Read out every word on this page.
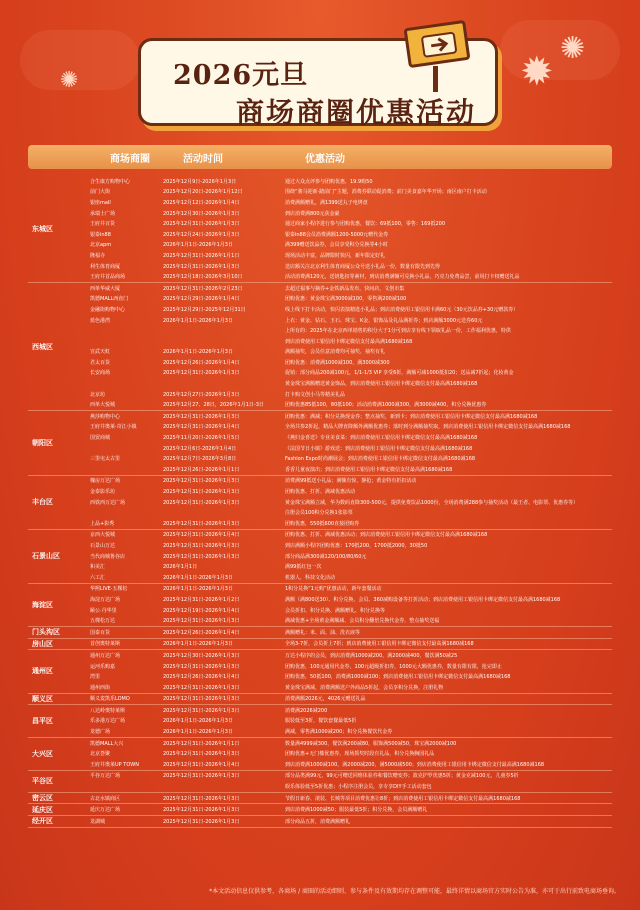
✺
✹
✺	2026元旦
商场商圈优惠活动
商场商圈	活动时间	优惠活动
东城区
合生康方购物中心	2025年12月9日-2026年1月3日	通过大众点评参与团购优惠，19.9购50
前门大街	2025年12月20日-2026年1月12日	围绕“骏马迎新·踏前门”主题，消费券联动促消费；前门美食嘉年华开场；南区南户打卡活动
银座mall	2025年12月12日-2026年1月4日	消费满额赠礼，满1399送丸子电烤盘
承瑞士广场	2025年12月30日-2026年1月3日	到店消费满800元获金豪
王府井百货	2025年12月31日-2026年1月3日	通过商家小程序进行参与团购优惠，餐饮：69抵100，零售：169抵200
银泰in88	2025年12月24日-2026年1月3日	银泰in88会员消费满额1200-5000元赠代金券
北京apm	2026年1月1日-2026年1月3日	满399赠送饮品券，会员享受积分兑换等4小时
隆福寺	2025年12月31日-2026年1月1日	现场活动丰富，品牌限时快闪，新年限定好礼
利生体育商厦	2025年12月31日-2026年1月3日	送店额关注北京利生体育商厦公众号送小礼品一份，数量有限先到先得
王府井首品商场	2025年12月18日-2026年3月10日	活动消费满120元，送钥匙扣等素材，到店消费满额可兑换小礼品，巧克力免费品尝，前用打卡权赠送礼品
西城区
西单华威大厦	2025年12月31日-2026年2月23日	去超过福事与摘券+金铁新品发布，快问店，文创市集
凯德MALL西直门	2025年12月29日-2026年1月4日	团购优惠：黄金珠宝满3000减100，零售满200减100
金融街购物中心	2025年12月29日-2025年12月31日	线上线下打卡活动，快闪表演精选小礼品；到店消费使用工银信用卡满60元（30元饮品券+30元赠款券）
蓝色港湾	2026年1月1日-2026年1月3日	上衣：黄金、钻石、玉石、珠宝、K金、银饰品及礼品满折券；到店满额3000元送券60元
上所有的：2025年在北京西单销售的积分大于1分可到店享有线下领取礼品一份，工作福利优惠，特供
到店消费使用工银信用卡绑定微信支付最高满1680减168
宣武天虹	2026年1月1日-2026年1月3日	满额抽奖，会员任意消费均可抽奖，抽奖有礼
君太百货	2025年12月26日-2026年1月4日	团购优惠：消费满1000减100，满3000减300
长安商场	2025年12月31日-2026年1月3日	促销：部分商品200减100元，1/1-1/3 VIP 享受6折，满额可减1000抵扣20；送品减7折起；化妆黄金
黄金珠宝满额赠送黄金饰品，到店消费使用工银信用卡绑定微信支付最高满1680减168
北京坊	2025年12月27日-2026年1月3日	打卡购文创小马等精美礼品
西单大悦城	2025年12月27、28日，2026年1月1日-3日	团购优惠85抵100，80抵100；活动消费满1000减300，满3000减400，积分兑换优惠券
朝阳区
燕莎购物中心	2025年12月31日-2026年1月3日	团购优惠：满减；积分兑换现金券；整点抽奖，新到卡；到店消费使用工银信用卡绑定微信支付最高满1680减168
王府井奥莱·奇江小镇	2025年12月31日-2026年1月4日	全场共参2折起，精品大牌直降额外满额优惠券；落时到分满额抽奖取，到店消费使用工银信用卡绑定微信支付最高满1680减168
国贸商城	2025年11月20日-2026年1月5日	《燕归金喜送》专业美食菜：到店消费使用工银信用卡绑定微信支付最高满1680减168
2025年12月6日-2026年1月4日	《法国节日小镇》游戏送：到店消费使用工银信用卡绑定微信支付最高满1680减168
三里屯太古里	2025年12月7日-2026年3月8日	Fashion Expo时尚潮展会；到店消费使用工银信用卡绑定微信支付最高满1680减168
2025年12月26日-2026年1月1日	香香儿童夜演出；到店消费使用工银信用卡绑定微信支付最高满1680减168
丰台区
槐房万达广场	2025年12月31日-2026年1月3日	消费满99抵送小礼品；满额有惊，静抢；黄金特有折扣活动
金泰影乐坊	2025年12月31日-2026年1月3日	团购优惠、打折、满减优惠活动
西铁西万达广场	2025年12月31日-2026年1月3日	黄金珠宝满额立减，华为数码直降300-500元，提供免费饮品1000份，全场消费满288参与抽奖活动（最王者、电影票、优惠券等）
注册会员100积分兑换1张影票
上品+影秀	2025年12月31日-2026年1月3日	团购优惠，550抵600直接团购券
石景山区
京西大悦城	2025年12月31日-2026年1月4日	团购优惠、打折、满减优惠活动；到店消费使用工银信用卡绑定微信支付最高满1680减168
石景山万达	2025年12月31日-2026年1月3日	到店满额小程序团购优惠：170抵200，1700抵2000，30抵50
当代商城鲁谷店	2025年12月31日-2026年1月3日	部分商品满300减120/100/80/60元
和美汇	2026年1月1日	满99抵红包一次
六工汇	2026年1月1日-2026年1月3日	机器人，科技文化活动
海淀区
华熙LIVE·五棵松	2026年1月1日-2026年1月3日	1积分兑换“1元购”优惠活动，新年套餐活动
海淀万达广场	2025年12月31日-2026年1月2日	满额（满800送30）、积分兑换、会员、360减购设备等打折活动；到店消费使用工银信用卡绑定微信支付最高满1680减168
颐公·丹华里	2025年12月19日-2026年1月4日	会员折扣、积分兑换、满额赠礼、积分兑换等
五棵松万达	2025年12月31日-2026年1月3日	满减优惠+全场黄金满额减、会员积分翻倍兑换代金券，整点抽奖送福
门头沟区	国泰百货	2025年12月26日-2026年1月4日	满额赠礼：米、面、油、洗衣液等
房山区	首创奥特莱斯	2026年1月1日-2026年1月3日	全场3-7折，会员折上7折；到店消费使用工银信用卡绑定微信支付最高满1680减168
通州区
通州万达广场	2025年12月30日-2026年1月3日	万达小程序的会员，到店消费满1000减200，满2000减400，餐饮满50减25
运河乐购嘉	2025年12月31日-2026年1月3日	团购优惠，100元通用代金券，100元超级折扣券，1000元大额优惠券，数量有限有限，抢完即止
湾里	2025年12月26日-2026年1月4日	团购优惠，50抵100，消费满1000减100；到店消费使用工银信用卡绑定微信支付最高满1680减168
通州西街	2025年12月31日-2026年1月3日	黄金珠宝满减，消费满额送户外商品5折起，会员享积分兑换，注册礼物
顺义区	顺义麦凯乐LOMO	2025年12月31日-2026年1月3日	消费满额2026元，4026元赠送礼品
昌平区
八达岭奥特莱斯	2025年12月31日-2026年1月3日	消费满2026减200
乐多港万达广场	2026年1月1日-2026年1月3日	服装低至3折，餐饮套餐最低5折
龙德广场	2026年1月1日-2026年1月3日	满减，零售满1000减200；积分兑换餐饮代金券
大兴区
凯德MALL大兴	2025年12月31日-2026年1月1日	数量满4999减300，餐饮满200减80，服饰满500减50，珠宝满2000减100
北京荟聚	2025年12月31日-2026年1月3日	团购优惠+无门槛优惠券，现场抓奖时段有礼品，积分兑换胸园礼品
王府井奥莱UP TOWN	2025年12月31日-2026年1月4日	到店消费满1000减100，满2000减200，满5000减500；到店消费使用工银信用卡绑定微信支付最高满1680减168
平谷区
平谷万达广场	2025年12月31日-2026年1月3日	部分品类满99元，99元可赠送同维体验券和餐饮赠变券；波克护罗优惠5折；黄金克减100元，儿童券5折
娱乐体验低至5折优惠；小程序注册会员，享专享DIY手工活动套包
密云区	古北水镇商区	2025年12月31日-2026年1月3日	节假日新春、滚装、长城等项目消费优惠让8折；到店消费使用工银信用卡绑定微信支付最高满1680减168
延庆区	延庆万达广场	2025年12月31日-2026年1月3日	到店消费满1000减50；服装最低5折；积分兑换，会员满额赠礼
经开区	龙湖城	2025年12月31日-2026年1月3日	部分商品五折，消费满额赠礼
*本文活动信息仅供参考，各商场 / 商圈的活动细则、参与条件及有效期均存在调整可能，最终详情以商场官方实时公告为准，亦可于出行前致电商场垂询。
